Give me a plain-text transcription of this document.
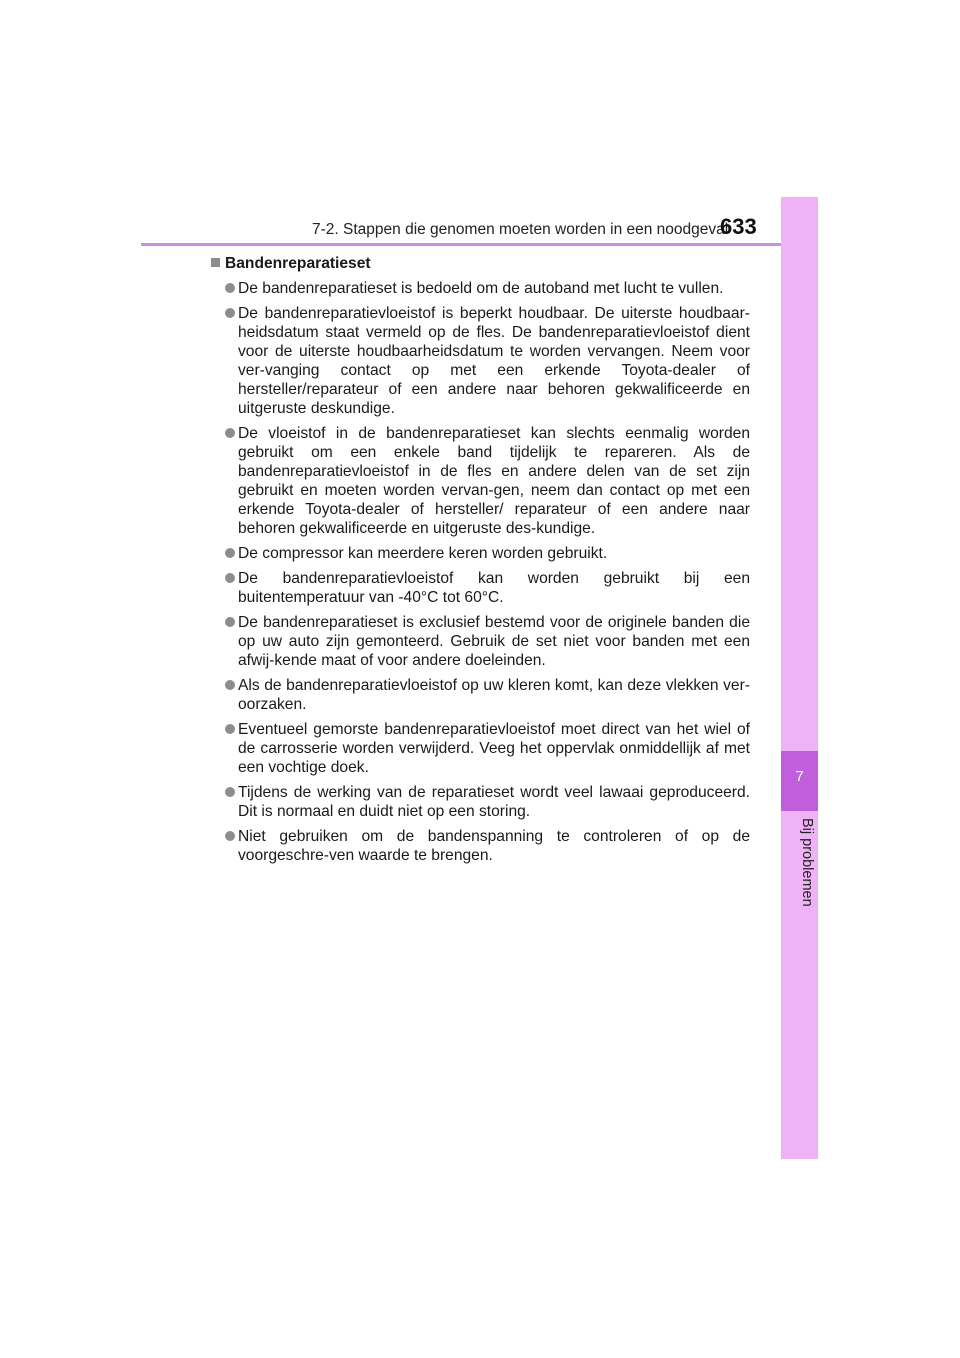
7-2. Stappen die genomen moeten worden in een noodgeval
633
7
Bij problemen
Bandenreparatieset
De bandenreparatieset is bedoeld om de autoband met lucht te vullen.
De bandenreparatievloeistof is beperkt houdbaar. De uiterste houdbaar-heidsdatum staat vermeld op de fles. De bandenreparatievloeistof dient voor de uiterste houdbaarheidsdatum te worden vervangen. Neem voor ver-vanging contact op met een erkende Toyota-dealer of hersteller/reparateur of een andere naar behoren gekwalificeerde en uitgeruste deskundige.
De vloeistof in de bandenreparatieset kan slechts eenmalig worden gebruikt om een enkele band tijdelijk te repareren. Als de bandenreparatievloeistof in de fles en andere delen van de set zijn gebruikt en moeten worden vervan-gen, neem dan contact op met een erkende Toyota-dealer of hersteller/ reparateur of een andere naar behoren gekwalificeerde en uitgeruste des-kundige.
De compressor kan meerdere keren worden gebruikt.
De bandenreparatievloeistof kan worden gebruikt bij een buitentemperatuur van -40°C tot 60°C.
De bandenreparatieset is exclusief bestemd voor de originele banden die op uw auto zijn gemonteerd. Gebruik de set niet voor banden met een afwij-kende maat of voor andere doeleinden.
Als de bandenreparatievloeistof op uw kleren komt, kan deze vlekken ver-oorzaken.
Eventueel gemorste bandenreparatievloeistof moet direct van het wiel of de carrosserie worden verwijderd. Veeg het oppervlak onmiddellijk af met een vochtige doek.
Tijdens de werking van de reparatieset wordt veel lawaai geproduceerd. Dit is normaal en duidt niet op een storing.
Niet gebruiken om de bandenspanning te controleren of op de voorgeschre-ven waarde te brengen.
